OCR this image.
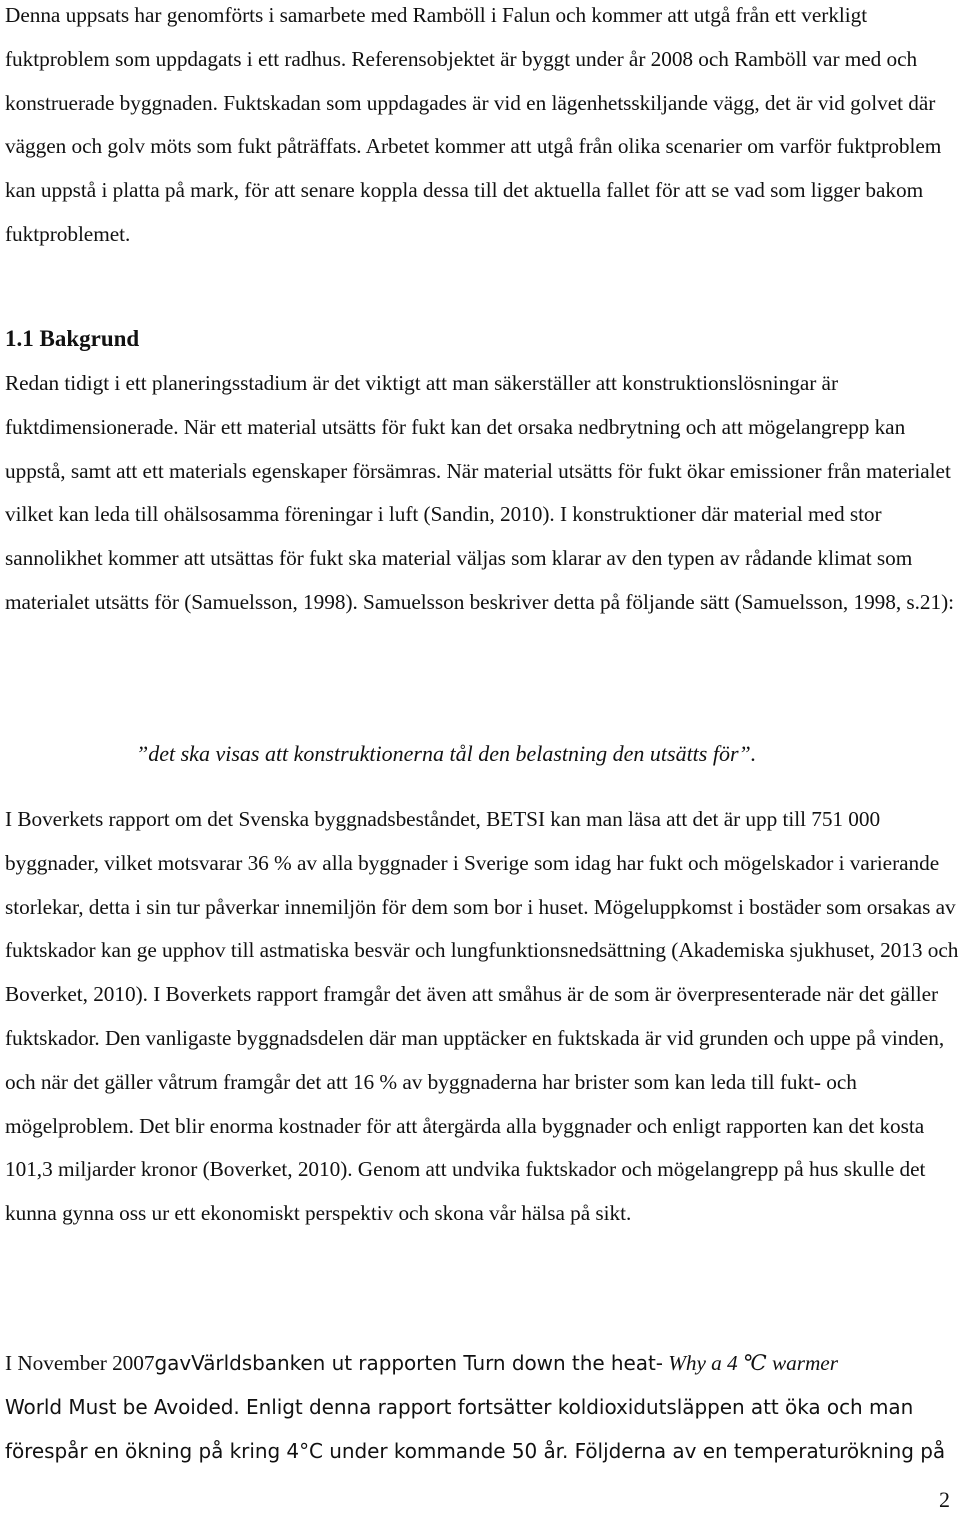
Denna uppsats har genomförts i samarbete med Ramböll i Falun och kommer att utgå från ett verkligt fuktproblem som uppdagats i ett radhus. Referensobjektet är byggt under år 2008 och Ramböll var med och konstruerade byggnaden. Fuktskadan som uppdagades är vid en lägenhetsskiljande vägg, det är vid golvet där väggen och golv möts som fukt påträffats. Arbetet kommer att utgå från olika scenarier om varför fuktproblem kan uppstå i platta på mark, för att senare koppla dessa till det aktuella fallet för att se vad som ligger bakom fuktproblemet.

1.1 Bakgrund

Redan tidigt i ett planeringsstadium är det viktigt att man säkerställer att konstruktionslösningar är fuktdimensionerade. När ett material utsätts för fukt kan det orsaka nedbrytning och att mögelangrepp kan uppstå, samt att ett materials egenskaper försämras. När material utsätts för fukt ökar emissioner från materialet vilket kan leda till ohälsosamma föreningar i luft (Sandin, 2010). I konstruktioner där material med stor sannolikhet kommer att utsättas för fukt ska material väljas som klarar av den typen av rådande klimat som materialet utsätts för (Samuelsson, 1998). Samuelsson beskriver detta på följande sätt (Samuelsson, 1998, s.21):

”det ska visas att konstruktionerna tål den belastning den utsätts för”.

I Boverkets rapport om det Svenska byggnadsbeståndet, BETSI kan man läsa att det är upp till 751 000 byggnader, vilket motsvarar 36 % av alla byggnader i Sverige som idag har fukt och mögelskador i varierande storlekar, detta i sin tur påverkar innemiljön för dem som bor i huset. Mögeluppkomst i bostäder som orsakas av fuktskador kan ge upphov till astmatiska besvär och lungfunktionsnedsättning (Akademiska sjukhuset, 2013 och Boverket, 2010). I Boverkets rapport framgår det även att småhus är de som är överpresenterade när det gäller fuktskador. Den vanligaste byggnadsdelen där man upptäcker en fuktskada är vid grunden och uppe på vinden, och när det gäller våtrum framgår det att 16 % av byggnaderna har brister som kan leda till fukt- och mögelproblem. Det blir enorma kostnader för att återgärda alla byggnader och enligt rapporten kan det kosta 101,3 miljarder kronor (Boverket, 2010). Genom att undvika fuktskador och mögelangrepp på hus skulle det kunna gynna oss ur ett ekonomiskt perspektiv och skona vår hälsa på sikt.

I November 2007gavVärldsbanken ut rapporten Turn down the heat- Why a 4 ℃ warmer
World Must be Avoided. Enligt denna rapport fortsätter koldioxidutsläppen att öka och man förespår en ökning på kring 4°C under kommande 50 år. Följderna av en temperaturökning på

2
